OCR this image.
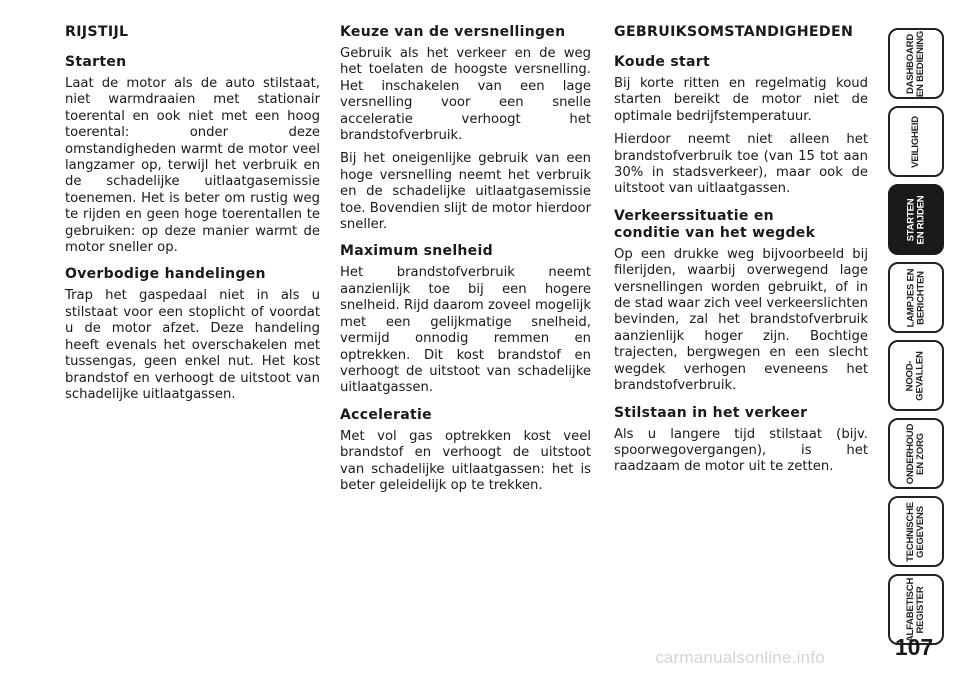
RIJSTIJL
Starten

Laat de motor als de auto stilstaat, niet warmdraaien met stationair toerental en ook niet met een hoog toerental: onder deze omstandigheden warmt de motor veel langzamer op, terwijl het verbruik en de schadelijke uitlaatgasemissie toenemen. Het is beter om rustig weg te rijden en geen hoge toerentallen te gebruiken: op deze manier warmt de motor sneller op.

Overbodige handelingen

Trap het gaspedaal niet in als u stilstaat voor een stoplicht of voordat u de motor afzet. Deze handeling heeft evenals het overschakelen met tussengas, geen enkel nut. Het kost brandstof en verhoogt de uitstoot van schadelijke uitlaatgassen.

Keuze van de versnellingen

Gebruik als het verkeer en de weg het toelaten de hoogste versnelling. Het inschakelen van een lage versnelling voor een snelle acceleratie verhoogt het brandstofverbruik.

Bij het oneigenlijke gebruik van een hoge versnelling neemt het verbruik en de schadelijke uitlaatgasemissie toe. Bovendien slijt de motor hierdoor sneller.

Maximum snelheid

Het brandstofverbruik neemt aanzienlijk toe bij een hogere snelheid. Rijd daarom zoveel mogelijk met een gelijkmatige snelheid, vermijd onnodig remmen en optrekken. Dit kost brandstof en verhoogt de uitstoot van schadelijke uitlaatgassen.

Acceleratie

Met vol gas optrekken kost veel brandstof en verhoogt de uitstoot van schadelijke uitlaatgassen: het is beter geleidelijk op te trekken.

GEBRUIKSOMSTANDIGHEDEN
Koude start

Bij korte ritten en regelmatig koud starten bereikt de motor niet de optimale bedrijfstemperatuur.

Hierdoor neemt niet alleen het brandstofverbruik toe (van 15 tot aan 30% in stadsverkeer), maar ook de uitstoot van uitlaatgassen.

Verkeerssituatie en
conditie van het wegdek

Op een drukke weg bijvoorbeeld bij filerijden, waarbij overwegend lage versnellingen worden gebruikt, of in de stad waar zich veel verkeerslichten bevinden, zal het brandstofverbruik aanzienlijk hoger zijn. Bochtige trajecten, bergwegen en een slecht wegdek verhogen eveneens het brandstofverbruik.

Stilstaan in het verkeer

Als u langere tijd stilstaat (bijv. spoorwegovergangen), is het raadzaam de motor uit te zetten.

DASHBOARD
EN BEDIENING
VEILIGHEID
STARTEN
EN RIJDEN
LAMPJES EN
BERICHTEN
NOOD-
GEVALLEN
ONDERHOUD
EN ZORG
TECHNISCHE
GEGEVENS
ALFABETISCH
REGISTER
107
carmanualsonline.info
